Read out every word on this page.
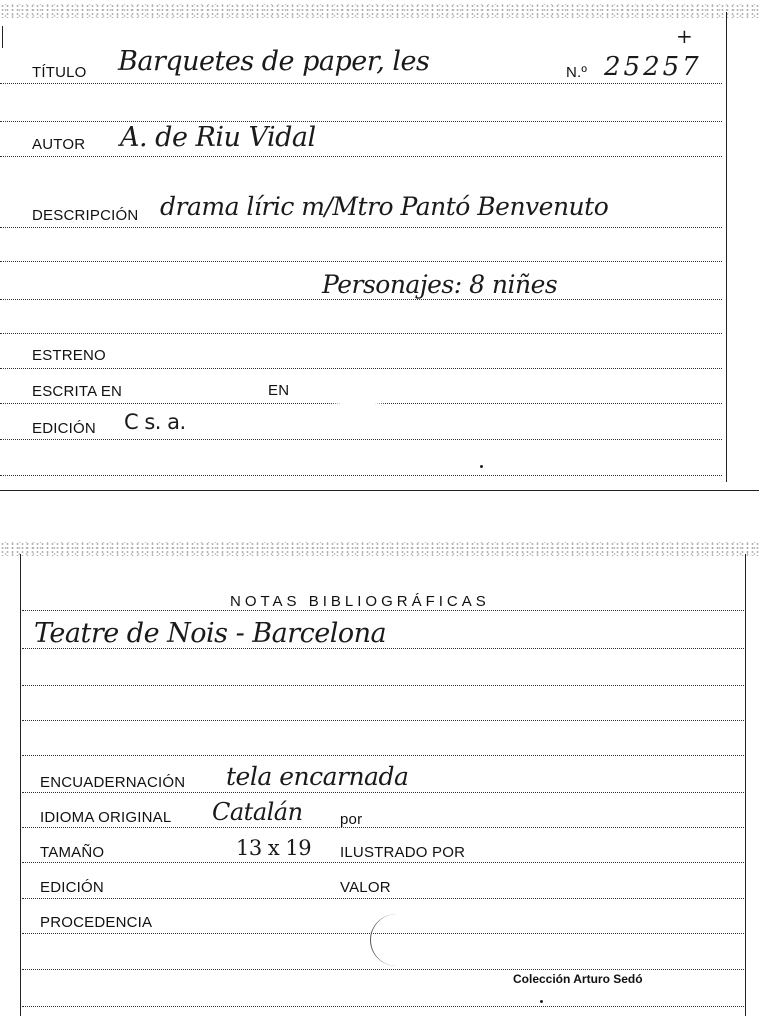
TÍTULO Barquetes de paper, les	N.º 25257
+
AUTOR A. de Riu Vidal
DESCRIPCIÓN drama líric m/Mtro Pantó Benvenuto
Personajes: 8 niñes
ESTRENO
ESCRITA EN	EN
EDICIÓN C s. a.
NOTAS BIBLIOGRÁFICAS
Teatre de Nois - Barcelona
ENCUADERNACIÓN tela encarnada
IDIOMA ORIGINAL Catalán por
TAMAÑO	13 x 19 ILUSTRADO POR
EDICIÓN	VALOR
PROCEDENCIA
Colección Arturo Sedó
